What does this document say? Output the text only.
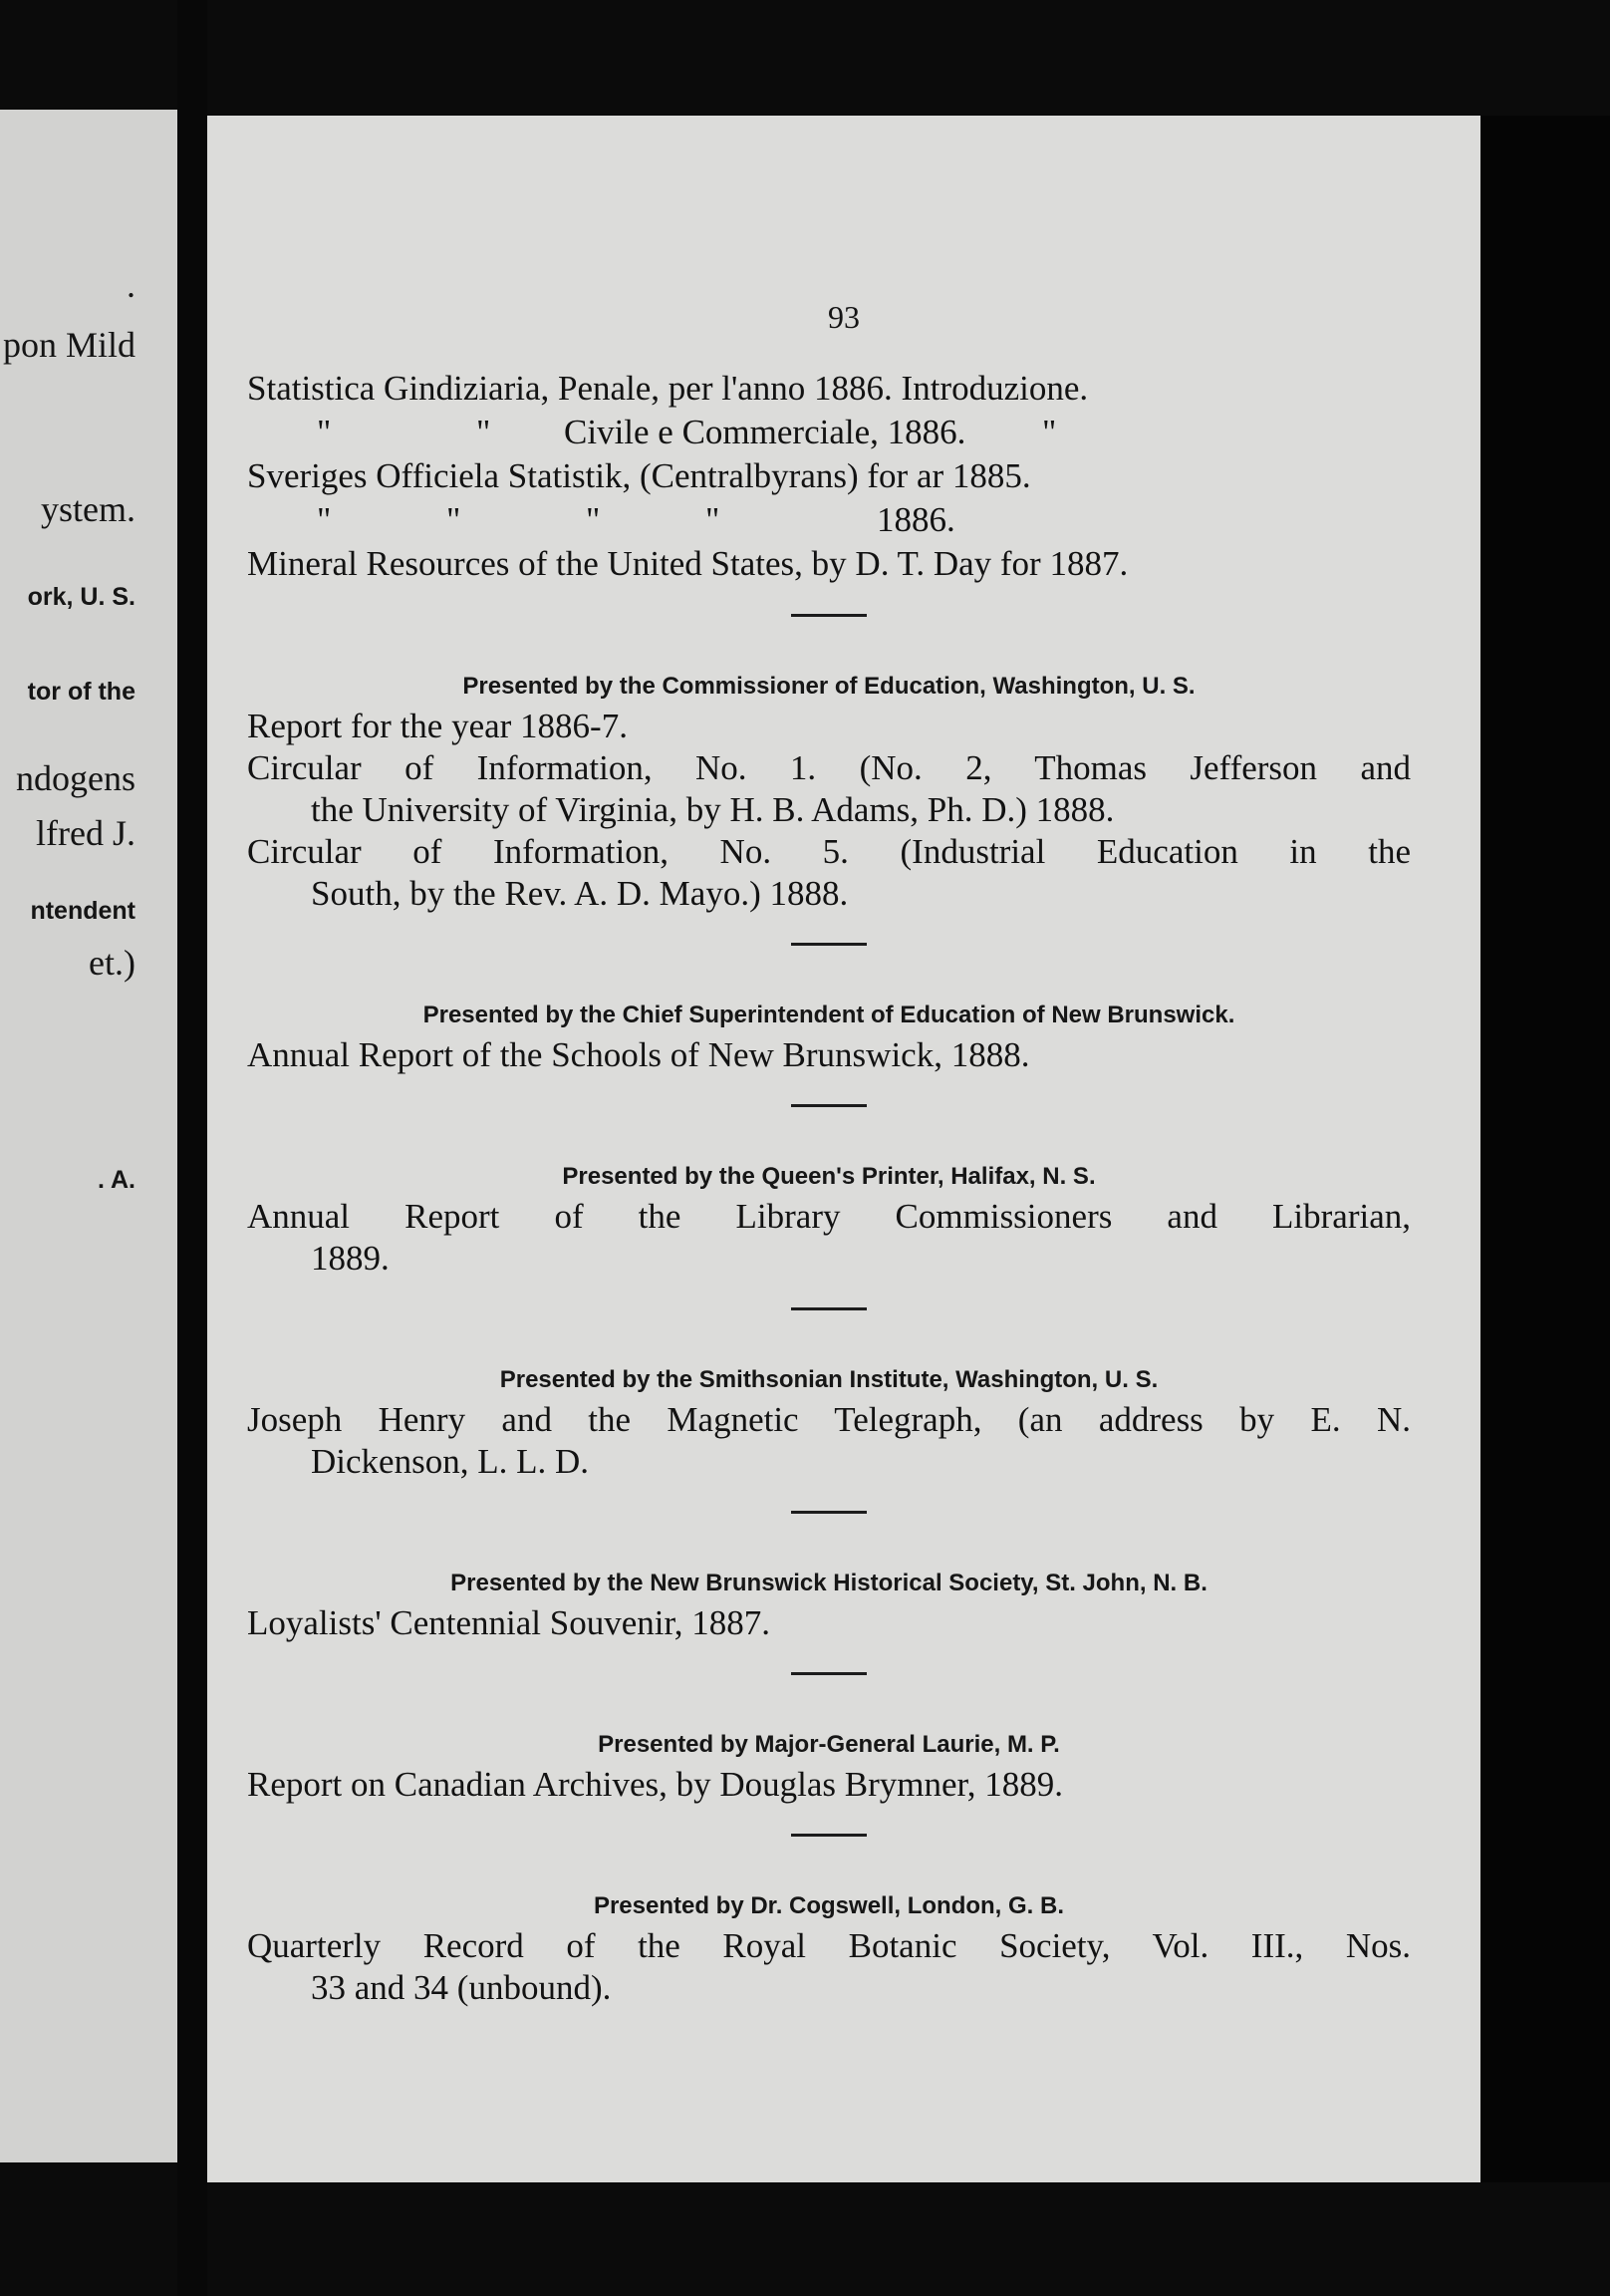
.
pon Mild
ystem.
ork, U. S.
tor of the
ndogens
lfred J.
ntendent
et.)
. A.
93
Statistica Gindiziaria, Penale, per l'anno 1886. Introduzione.
"	"	Civile e Commerciale, 1886.	"
Sveriges Officiela Statistik, (Centralbyrans) for ar 1885.
"	"	"	"	1886.
Mineral Resources of the United States, by D. T. Day for 1887.
Presented by the Commissioner of Education, Washington, U. S.
Report for the year 1886-7.
Circular of Information, No. 1. (No. 2, Thomas Jefferson and
the University of Virginia, by H. B. Adams, Ph. D.) 1888.
Circular of Information, No. 5. (Industrial Education in the
South, by the Rev. A. D. Mayo.) 1888.
Presented by the Chief Superintendent of Education of New Brunswick.
Annual Report of the Schools of New Brunswick, 1888.
Presented by the Queen's Printer, Halifax, N. S.
Annual Report of the Library Commissioners and Librarian,
1889.
Presented by the Smithsonian Institute, Washington, U. S.
Joseph Henry and the Magnetic Telegraph, (an address by E. N.
Dickenson, L. L. D.
Presented by the New Brunswick Historical Society, St. John, N. B.
Loyalists' Centennial Souvenir, 1887.
Presented by Major-General Laurie, M. P.
Report on Canadian Archives, by Douglas Brymner, 1889.
Presented by Dr. Cogswell, London, G. B.
Quarterly Record of the Royal Botanic Society, Vol. III., Nos.
33 and 34 (unbound).
